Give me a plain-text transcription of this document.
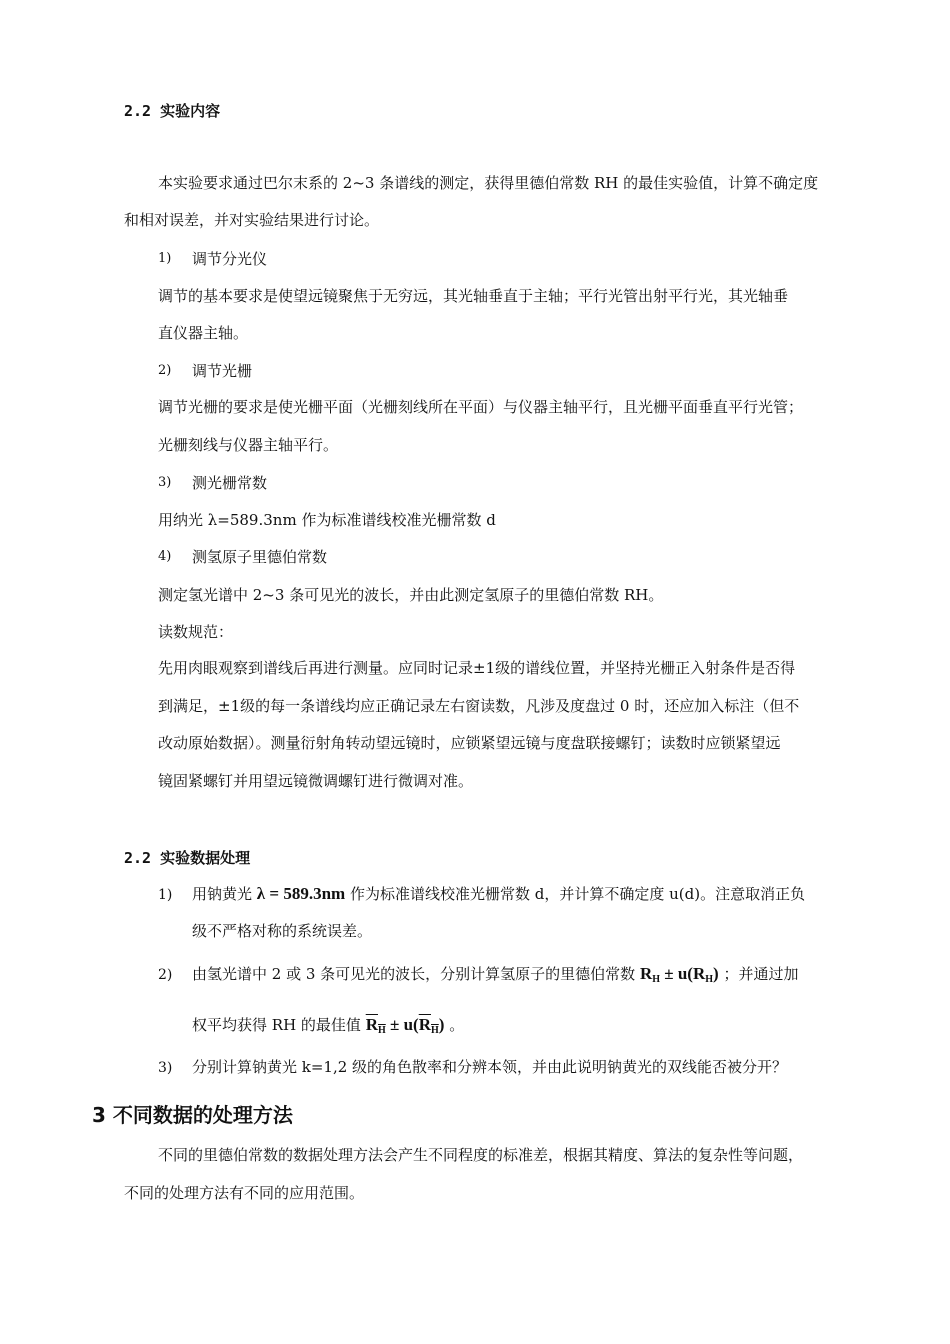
2.2 实验内容
本实验要求通过巴尔末系的 2~3 条谱线的测定，获得里德伯常数 RH 的最佳实验值，计算不确定度
和相对误差，并对实验结果进行讨论。
1) 调节分光仪
调节的基本要求是使望远镜聚焦于无穷远，其光轴垂直于主轴；平行光管出射平行光，其光轴垂
直仪器主轴。
2) 调节光栅
调节光栅的要求是使光栅平面（光栅刻线所在平面）与仪器主轴平行，且光栅平面垂直平行光管；
光栅刻线与仪器主轴平行。
3) 测光栅常数
用纳光 λ=589.3nm 作为标准谱线校准光栅常数 d
4) 测氢原子里德伯常数
测定氢光谱中 2~3 条可见光的波长，并由此测定氢原子的里德伯常数 RH。
读数规范：
先用肉眼观察到谱线后再进行测量。应同时记录±1级的谱线位置，并坚持光栅正入射条件是否得
到满足，±1级的每一条谱线均应正确记录左右窗读数，凡涉及度盘过 0 时，还应加入标注（但不
改动原始数据）。测量衍射角转动望远镜时，应锁紧望远镜与度盘联接螺钉；读数时应锁紧望远
镜固紧螺钉并用望远镜微调螺钉进行微调对准。
2.2 实验数据处理
1) 用钠黄光 λ = 589.3nm 作为标准谱线校准光栅常数 d，并计算不确定度 u(d)。注意取消正负
级不严格对称的系统误差。
2) 由氢光谱中 2 或 3 条可见光的波长，分别计算氢原子的里德伯常数 $R_H \pm u(R_H)$ ；并通过加
权平均获得 RH 的最佳值 $R_H \pm u(R_H)$ 。
3) 分别计算钠黄光 k=1,2 级的角色散率和分辨本领，并由此说明钠黄光的双线能否被分开？
3 不同数据的处理方法
不同的里德伯常数的数据处理方法会产生不同程度的标准差，根据其精度、算法的复杂性等问题，
不同的处理方法有不同的应用范围。
